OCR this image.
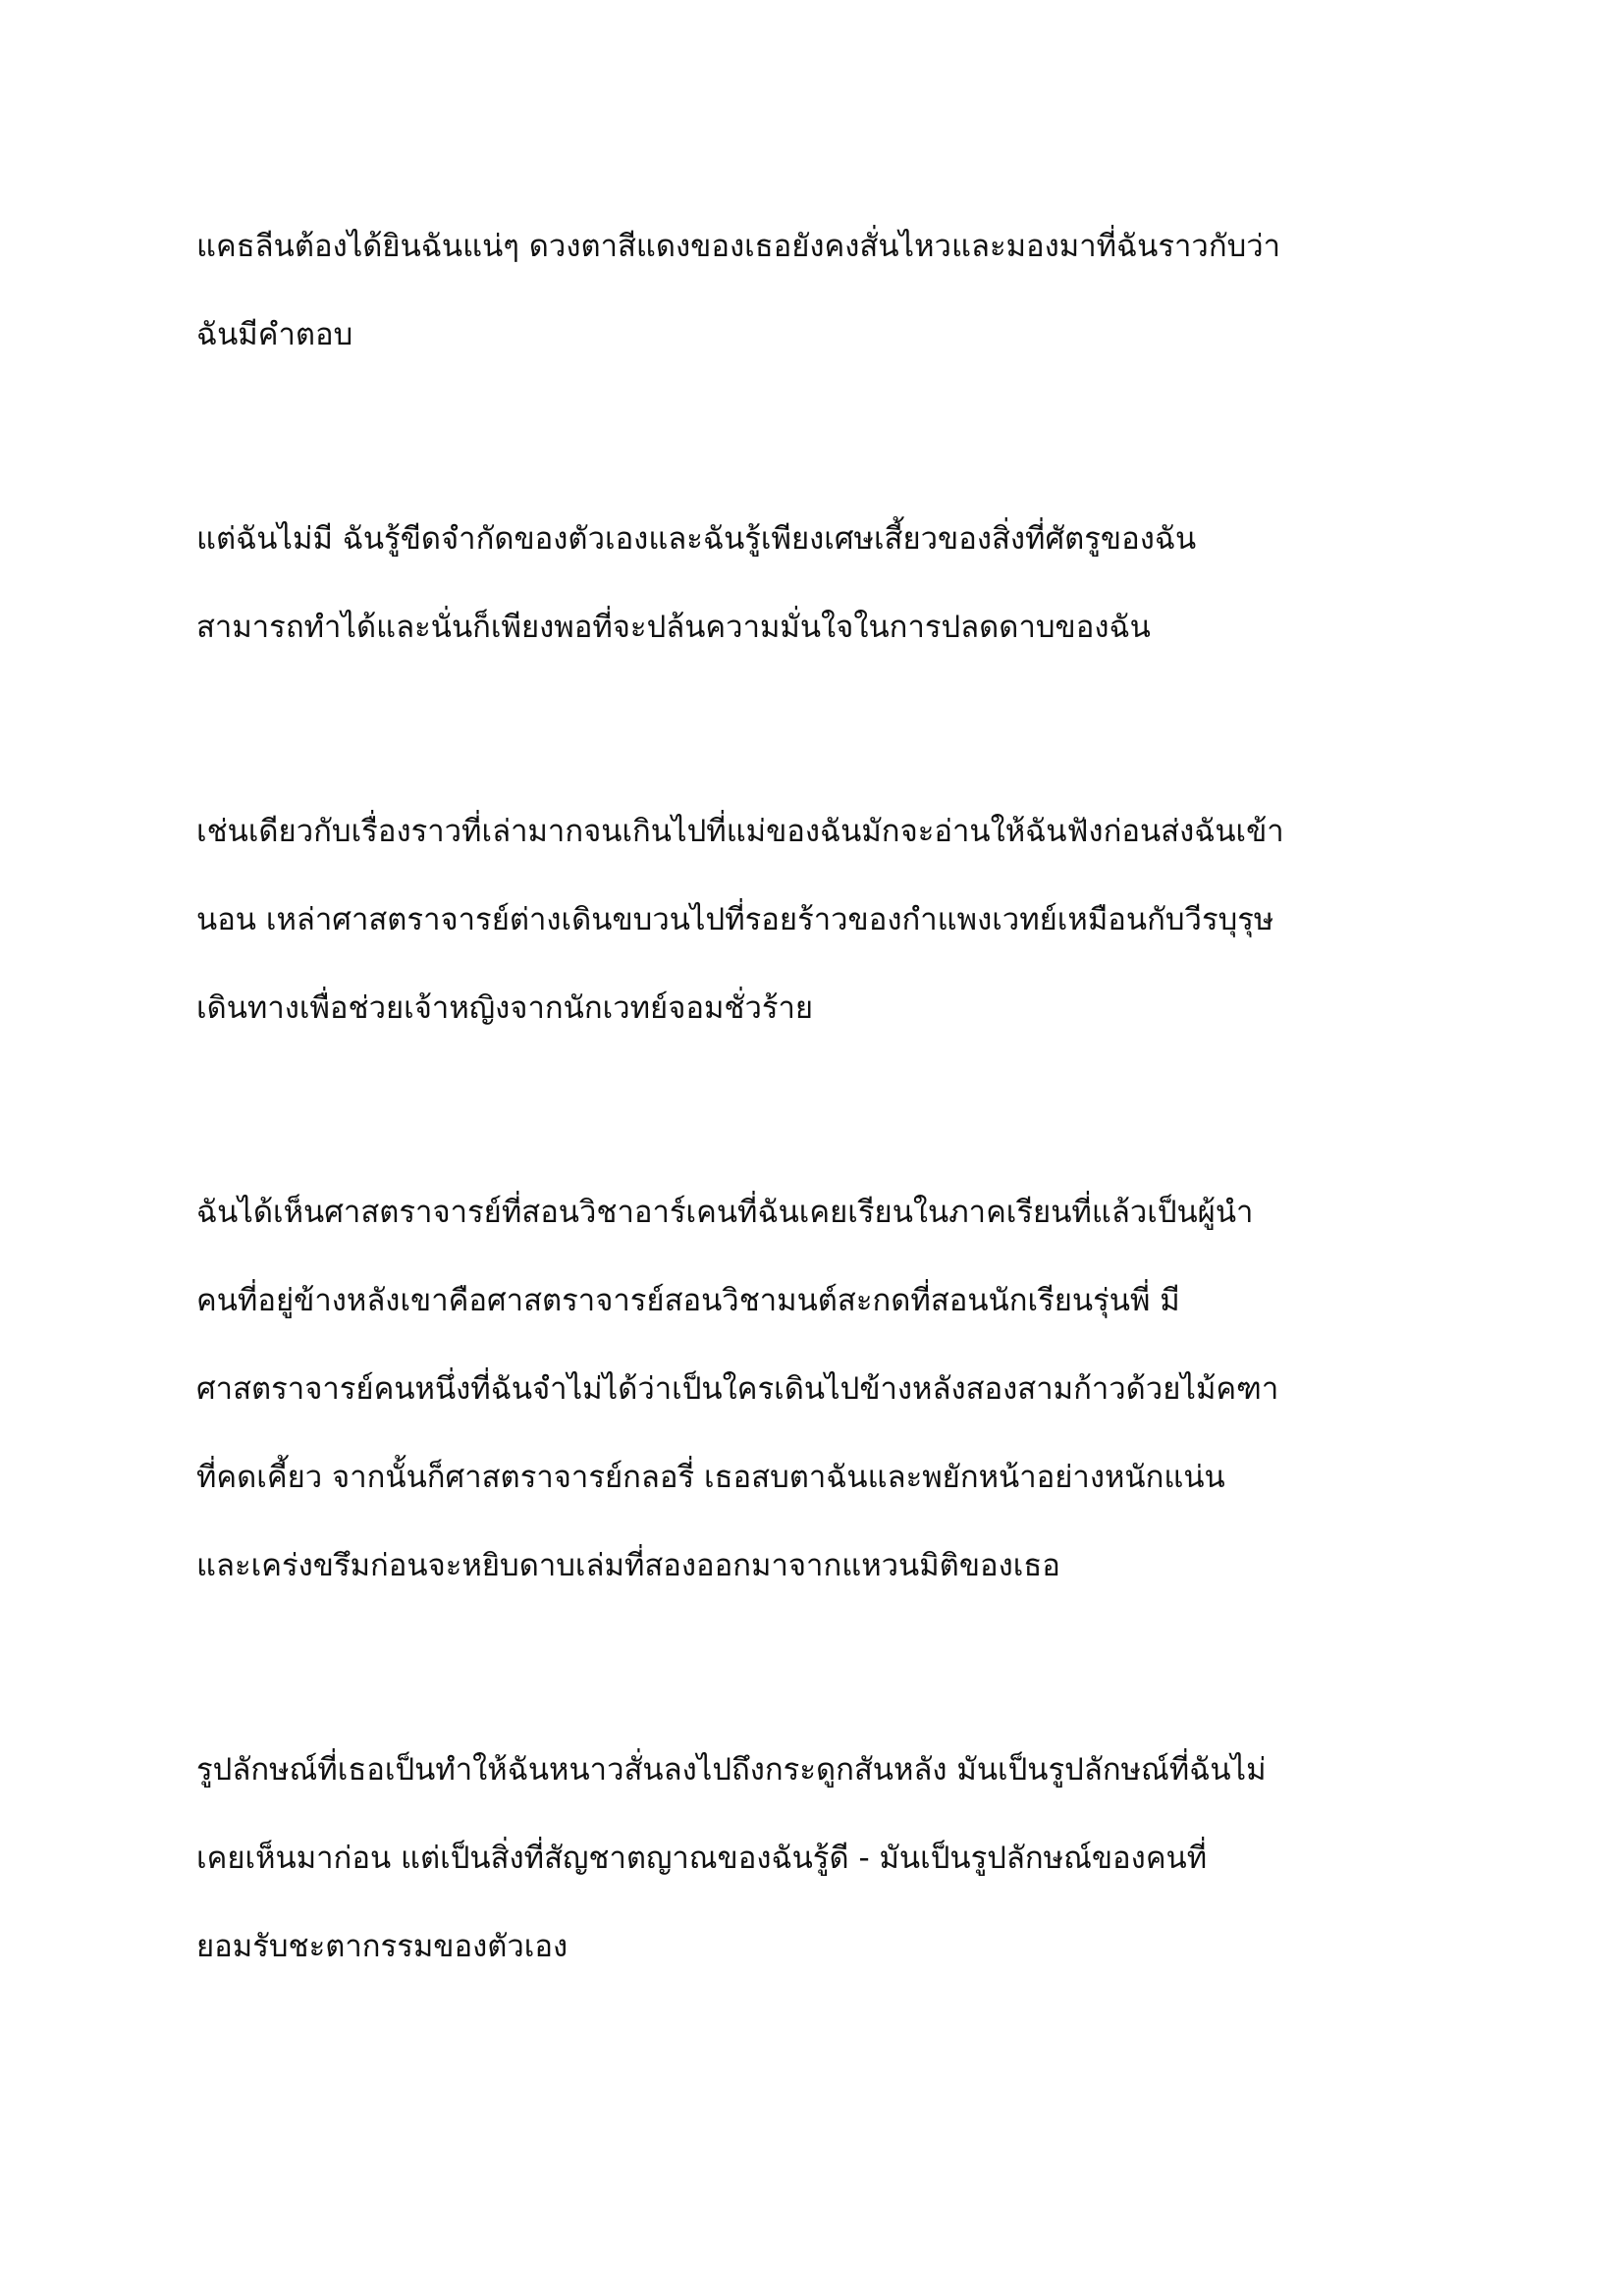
แคธลีนต้องได้ยินฉันแน่ๆ ดวงตาสีแดงของเธอยังคงสั่นไหวและมองมาที่ฉันราวกับว่า
ฉันมีคำตอบ

แต่ฉันไม่มี ฉันรู้ขีดจำกัดของตัวเองและฉันรู้เพียงเศษเสี้ยวของสิ่งที่ศัตรูของฉัน
สามารถทำได้และนั่นก็เพียงพอที่จะปล้นความมั่นใจในการปลดดาบของฉัน

เช่นเดียวกับเรื่องราวที่เล่ามากจนเกินไปที่แม่ของฉันมักจะอ่านให้ฉันฟังก่อนส่งฉันเข้า
นอน เหล่าศาสตราจารย์ต่างเดินขบวนไปที่รอยร้าวของกำแพงเวทย์เหมือนกับวีรบุรุษ
เดินทางเพื่อช่วยเจ้าหญิงจากนักเวทย์จอมชั่วร้าย

ฉันได้เห็นศาสตราจารย์ที่สอนวิชาอาร์เคนที่ฉันเคยเรียนในภาคเรียนที่แล้วเป็นผู้นำ
คนที่อยู่ข้างหลังเขาคือศาสตราจารย์สอนวิชามนต์สะกดที่สอนนักเรียนรุ่นพี่ มี
ศาสตราจารย์คนหนึ่งที่ฉันจำไม่ได้ว่าเป็นใครเดินไปข้างหลังสองสามก้าวด้วยไม้คฑา
ที่คดเคี้ยว จากนั้นก็ศาสตราจารย์กลอรี่ เธอสบตาฉันและพยักหน้าอย่างหนักแน่น
และเคร่งขรึมก่อนจะหยิบดาบเล่มที่สองออกมาจากแหวนมิติของเธอ

รูปลักษณ์ที่เธอเป็นทำให้ฉันหนาวสั่นลงไปถึงกระดูกสันหลัง มันเป็นรูปลักษณ์ที่ฉันไม่
เคยเห็นมาก่อน แต่เป็นสิ่งที่สัญชาตญาณของฉันรู้ดี - มันเป็นรูปลักษณ์ของคนที่
ยอมรับชะตากรรมของตัวเอง
